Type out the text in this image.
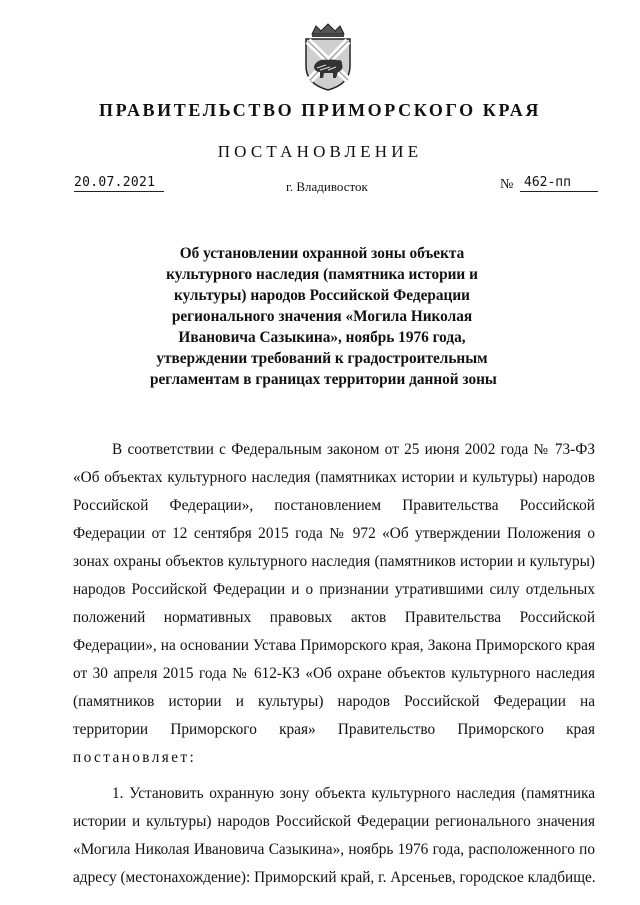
ПРАВИТЕЛЬСТВО ПРИМОРСКОГО КРАЯ
ПОСТАНОВЛЕНИЕ
20.07.2021	г. Владивосток	№ 462-пп
Об установлении охранной зоны объекта
культурного наследия (памятника истории и
культуры) народов Российской Федерации
регионального значения «Могила Николая
Ивановича Сазыкина», ноябрь 1976 года,
утверждении требований к градостроительным
регламентам в границах территории данной зоны
В соответствии с Федеральным законом от 25 июня 2002 года № 73-ФЗ
«Об объектах культурного наследия (памятниках истории и культуры) народов
Российской Федерации», постановлением Правительства Российской
Федерации от 12 сентября 2015 года № 972 «Об утверждении Положения о
зонах охраны объектов культурного наследия (памятников истории и культуры)
народов Российской Федерации и о признании утратившими силу отдельных
положений нормативных правовых актов Правительства Российской
Федерации», на основании Устава Приморского края, Закона Приморского края
от 30 апреля 2015 года № 612-КЗ «Об охране объектов культурного наследия
(памятников истории и культуры) народов Российской Федерации на
территории Приморского края» Правительство Приморского края
постановляет:
1. Установить охранную зону объекта культурного наследия (памятника
истории и культуры) народов Российской Федерации регионального значения
«Могила Николая Ивановича Сазыкина», ноябрь 1976 года, расположенного по
адресу (местонахождение): Приморский край, г. Арсеньев, городское кладбище.
